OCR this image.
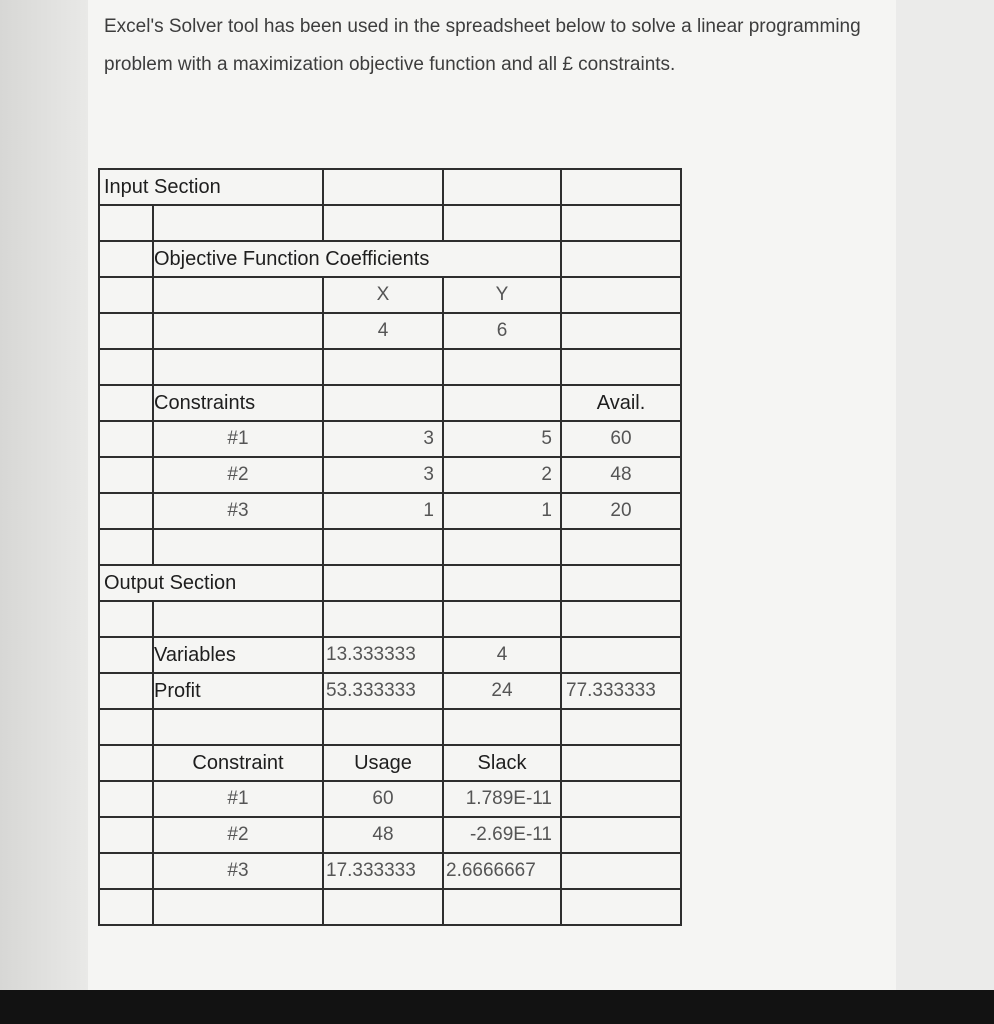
Excel's Solver tool has been used in the spreadsheet below to solve a linear programming problem with a maximization objective function and all £ constraints.
Input Section				

	Objective Function Coefficients			
		X	Y	
		4	6	

	Constraints			Avail.
	#1	3	5	60
	#2	3	2	48
	#3	1	1	20

Output Section				

	Variables	13.333333	4	
	Profit	53.333333	24	77.333333

	Constraint	Usage	Slack	
	#1	60	1.789E-11	
	#2	48	-2.69E-11	
	#3	17.333333	2.6666667	
